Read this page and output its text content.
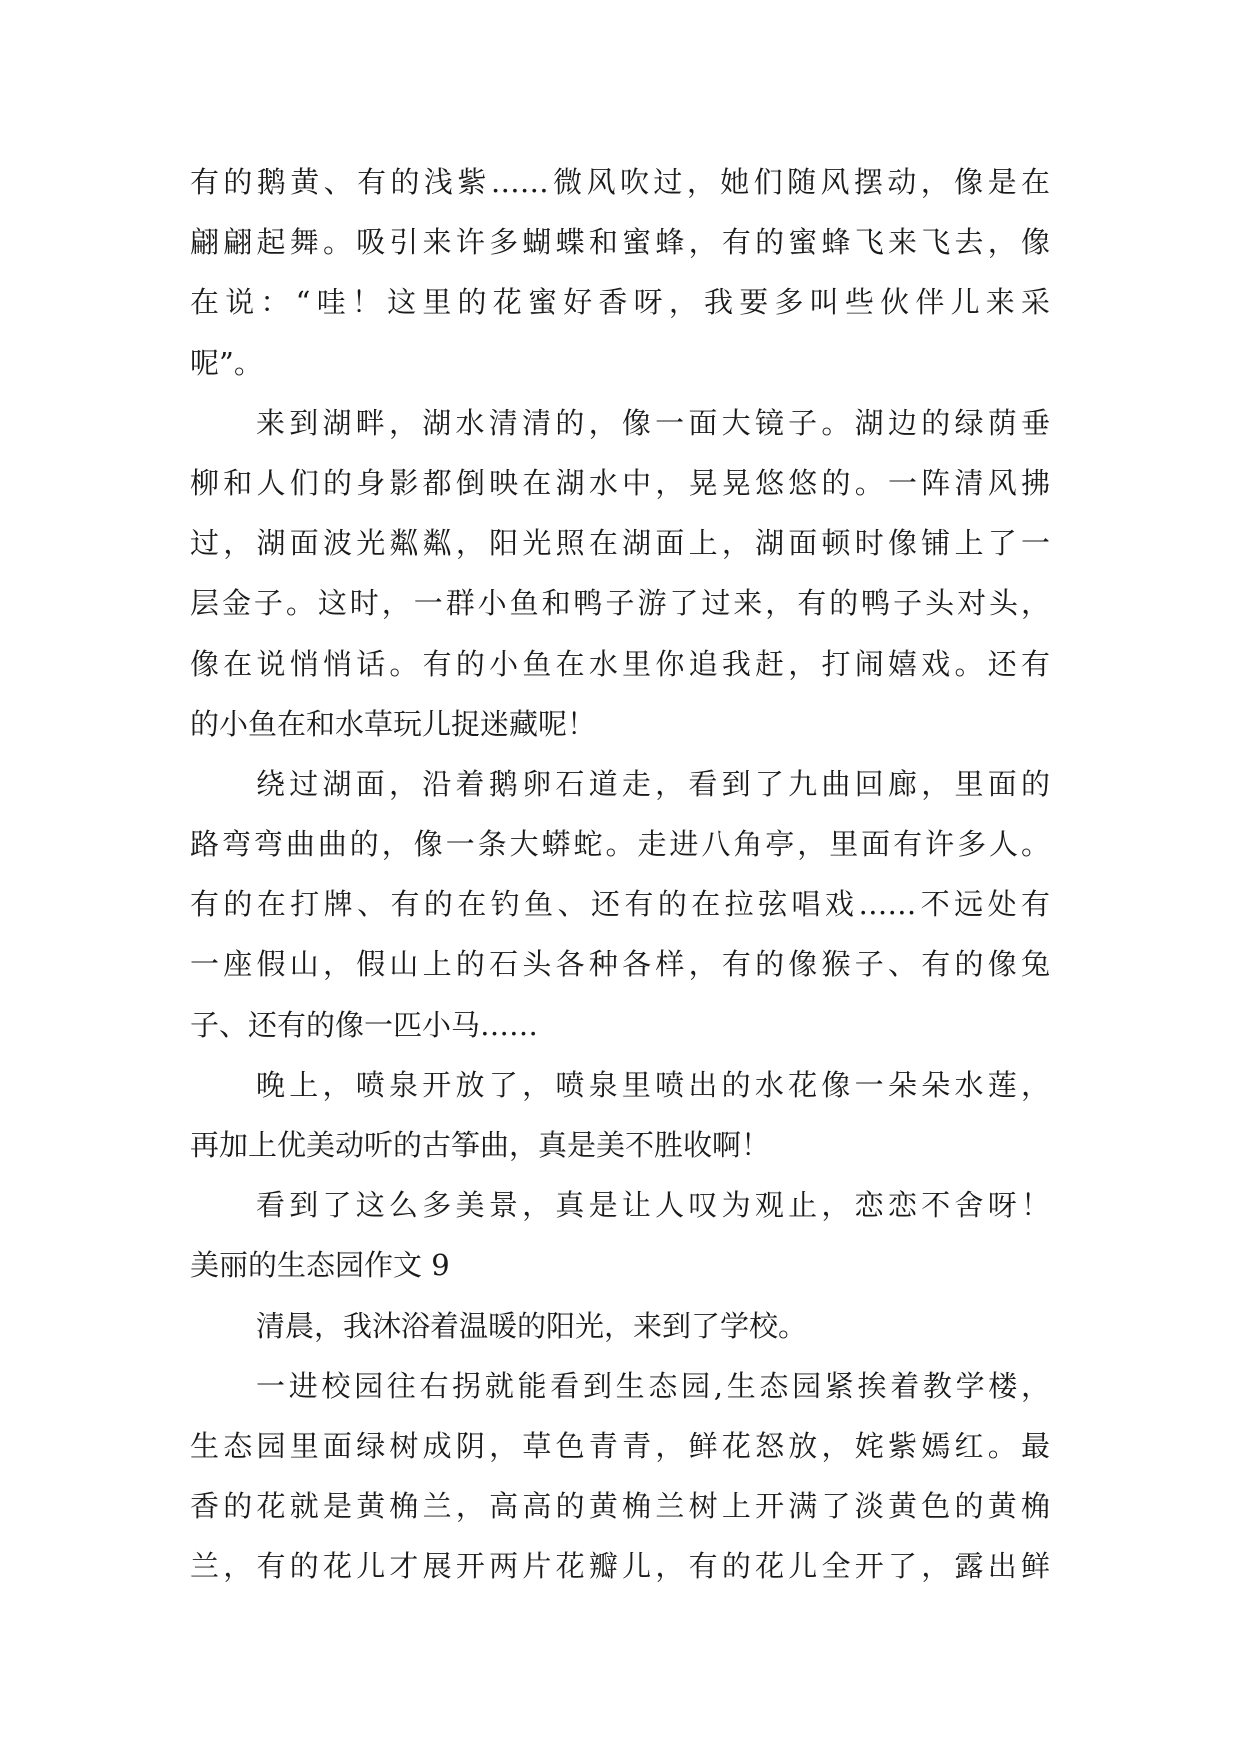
有的鹅黄、有的浅紫……微风吹过，她们随风摆动，像是在
翩翩起舞。吸引来许多蝴蝶和蜜蜂，有的蜜蜂飞来飞去，像
在说：“哇！这里的花蜜好香呀，我要多叫些伙伴儿来采
呢”。
来到湖畔，湖水清清的，像一面大镜子。湖边的绿荫垂
柳和人们的身影都倒映在湖水中，晃晃悠悠的。一阵清风拂
过，湖面波光粼粼，阳光照在湖面上，湖面顿时像铺上了一
层金子。这时，一群小鱼和鸭子游了过来，有的鸭子头对头，
像在说悄悄话。有的小鱼在水里你追我赶，打闹嬉戏。还有
的小鱼在和水草玩儿捉迷藏呢！
绕过湖面，沿着鹅卵石道走，看到了九曲回廊，里面的
路弯弯曲曲的，像一条大蟒蛇。走进八角亭，里面有许多人。
有的在打牌、有的在钓鱼、还有的在拉弦唱戏……不远处有
一座假山，假山上的石头各种各样，有的像猴子、有的像兔
子、还有的像一匹小马……
晚上，喷泉开放了，喷泉里喷出的水花像一朵朵水莲，
再加上优美动听的古筝曲，真是美不胜收啊！
看到了这么多美景，真是让人叹为观止，恋恋不舍呀！
美丽的生态园作文 9
清晨，我沐浴着温暖的阳光，来到了学校。
一进校园往右拐就能看到生态园,生态园紧挨着教学楼，
生态园里面绿树成阴，草色青青，鲜花怒放，姹紫嫣红。最
香的花就是黄桷兰，高高的黄桷兰树上开满了淡黄色的黄桷
兰，有的花儿才展开两片花瓣儿，有的花儿全开了，露出鲜
